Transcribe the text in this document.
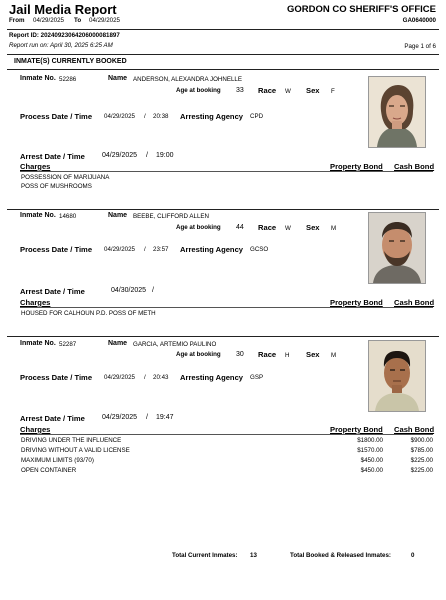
Jail Media Report
From 04/29/2025 To 04/29/2025
GORDON CO SHERIFF'S OFFICE
GA0640000
Report ID: 20240923064206000081897
Report run on: April 30, 2025 6:25 AM	Page 1 of 6
INMATE(S) CURRENTLY BOOKED
Inmate No. 52286	Name ANDERSON, ALEXANDRA JOHNELLE
Age at booking 33 Race W Sex F
Process Date / Time 04/29/2025 / 20:38 Arresting Agency CPD
Arrest Date / Time 04/29/2025 / 19:00
Charges	Property Bond Cash Bond
POSSESSION OF MARIJUANA
POSS OF MUSHROOMS
Inmate No. 14680	Name BEEBE, CLIFFORD ALLEN
Age at booking 44 Race W Sex M
Process Date / Time 04/29/2025 / 23:57 Arresting Agency GCSO
Arrest Date / Time	04/30/2025 /
Charges	Property Bond Cash Bond
HOUSED FOR CALHOUN P.D. POSS OF METH
Inmate No. 52287	Name GARCIA, ARTEMIO PAULINO
Age at booking 30 Race H Sex M
Process Date / Time 04/29/2025 / 20:43 Arresting Agency GSP
Arrest Date / Time 04/29/2025 / 19:47
Charges	Property Bond Cash Bond
DRIVING UNDER THE INFLUENCE	$1800.00	$900.00
DRIVING WITHOUT A VALID LICENSE	$1570.00	$785.00
MAXIMUM LIMITS (93/70)	$450.00	$225.00
OPEN CONTAINER	$450.00	$225.00
Total Current Inmates: 13	Total Booked & Released Inmates:	0
